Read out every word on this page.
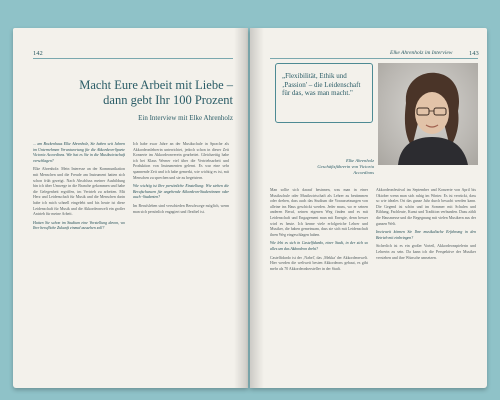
142
Macht Eure Arbeit mit Liebe – dann gebt Ihr 100 Prozent
Ein Interview mit Elke Ahrenholz

... am Bockenhaus Elke Ahrenholz, Sie haben seit Jahren im Unternehmen Verantwortung für die Akkordeon-Sparte Victoria Accordions. Wie hat es Sie in die Musikwirtschaft verschlagen?

Elke Ahrenholz: Mein Interesse an der Kommunikation mit Menschen und die Freude am Instrument hatten sich schon früh gezeigt. Nach Abschluss meiner Ausbildung bin ich über Umwege in die Branche gekommen und habe die Gelegenheit ergriffen, im Vertrieb zu arbeiten. Mit Herz und Leidenschaft für Musik und die Menschen darin habe ich mich schnell eingelebt und bis heute ist diese Leidenschaft für Musik und die Akkordeonwelt ein großer Antrieb für meine Arbeit.

Hatten Sie schon im Studium eine Vorstellung davon, wo Ihre berufliche Zukunft einmal aussehen soll?

Ich habe zwar Jahre an der Musikschule in Sprache als Akkordeonlehrerin unterrichtet, jedoch schon in dieser Zeit Konzerte im Akkordeonverein gearbeitet. Gleichzeitig habe ich bei Klaus Werner viel über die Vertriebsarbeit und Produktion von Instrumenten gelernt. Es war eine sehr spannende Zeit und ich habe gemerkt, wie wichtig es ist, mit Menschen zu sprechen und sie zu begeistern.

Wie wichtig ist Ihre persönliche Einstellung: Wie stehen die Berufschancen für angehende Akkordeon-Studentinnen oder auch -Studenten?

Im Berufsleben sind verschieden Berufswege möglich, wenn man sich persönlich engagiert und flexibel ist.

Elke Ahrenholz im Interview	143
„Flexibilität, Ethik und ‚Passion' – die Leidenschaft für das, was man macht."
Elke Ahrenholz
Geschäftsführerin von Victoria Accordions

Man sollte sich darauf besinnen, was man in einer Musikschule oder Musikwirtschaft als Lehrer zu bestimmen oder drehen, dass auch das Studium die Voraussetzungen von alleine ins Haus geschickt werden. Jeder muss, wo er seinen anderen Beruf, seinen eigenen Weg finden und es mit Leidenschaft und Engagement man mit Energie, denn besser wird es heute. Ich kenne viele erfolgreiche Lehrer und Musiker, die haben gemeinsam, dass sie sich mit Leidenschaft ihren Weg eingeschlagen haben.

Wie lebt es sich in Castelfidardo, einer Stadt, in der sich so alles um das Akkordeon dreht?

Castelfidardo ist der ‚Nabel', das ‚Mekka' der Akkordeonwelt. Hier werden die weltweit besten Akkordeons gebaut, es gibt mehr als 70 Akkordeonhersteller in der Stadt.

Akkordeonfestival im September und Konzerte von April bis Oktober wenn man sich ruhig im Winter. Es ist verrückt, dass so wie ideales Ort das ganze Jahr durch besucht werden kann. Die Gegend ist schön und im Sommer mit Schulen und Bildung, Fachleute, Kunst und Tradition verbunden. Dazu zählt die Hausmesse und die Begegnung mit vielen Musikern aus der ganzen Welt.

Inwieweit können Sie Ihre musikalische Erfahrung in den Betrieb mit einbringen?

Sicherlich ist es ein großer Vorteil, Akkordeonspielerin und Lehrerin zu sein. Da kann ich die Perspektive der Musiker verstehen und ihre Wünsche umsetzen.
